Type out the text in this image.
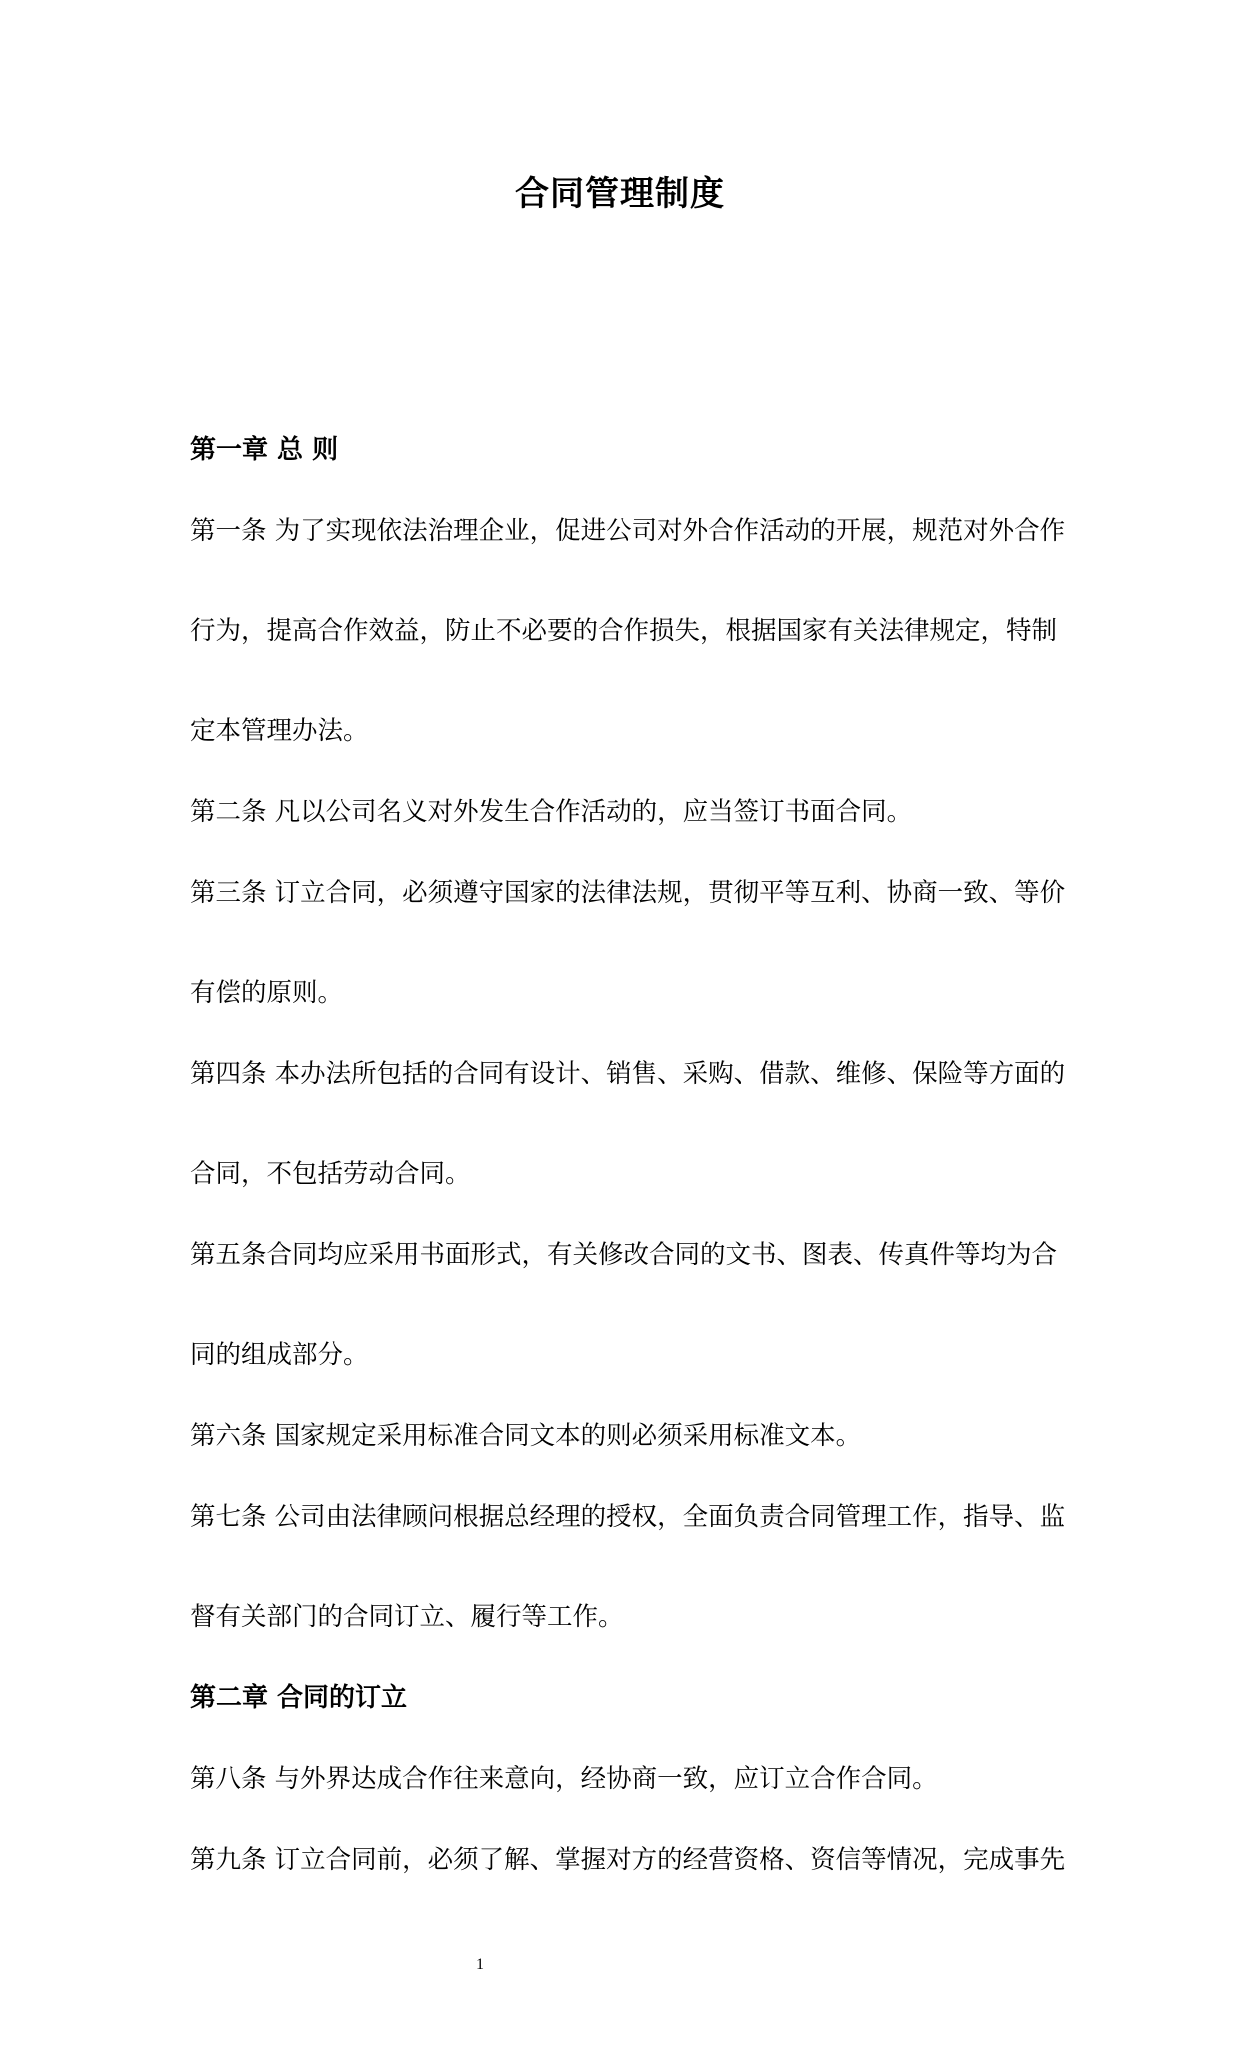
合同管理制度
第一章 总 则
第一条 为了实现依法治理企业，促进公司对外合作活动的开展，规范对外合作
行为，提高合作效益，防止不必要的合作损失，根据国家有关法律规定，特制
定本管理办法。
第二条 凡以公司名义对外发生合作活动的，应当签订书面合同。
第三条 订立合同，必须遵守国家的法律法规，贯彻平等互利、协商一致、等价
有偿的原则。
第四条 本办法所包括的合同有设计、销售、采购、借款、维修、保险等方面的
合同，不包括劳动合同。
第五条合同均应采用书面形式，有关修改合同的文书、图表、传真件等均为合
同的组成部分。
第六条 国家规定采用标准合同文本的则必须采用标准文本。
第七条 公司由法律顾问根据总经理的授权，全面负责合同管理工作，指导、监
督有关部门的合同订立、履行等工作。
第二章 合同的订立
第八条 与外界达成合作往来意向，经协商一致，应订立合作合同。
第九条 订立合同前，必须了解、掌握对方的经营资格、资信等情况，完成事先
1
